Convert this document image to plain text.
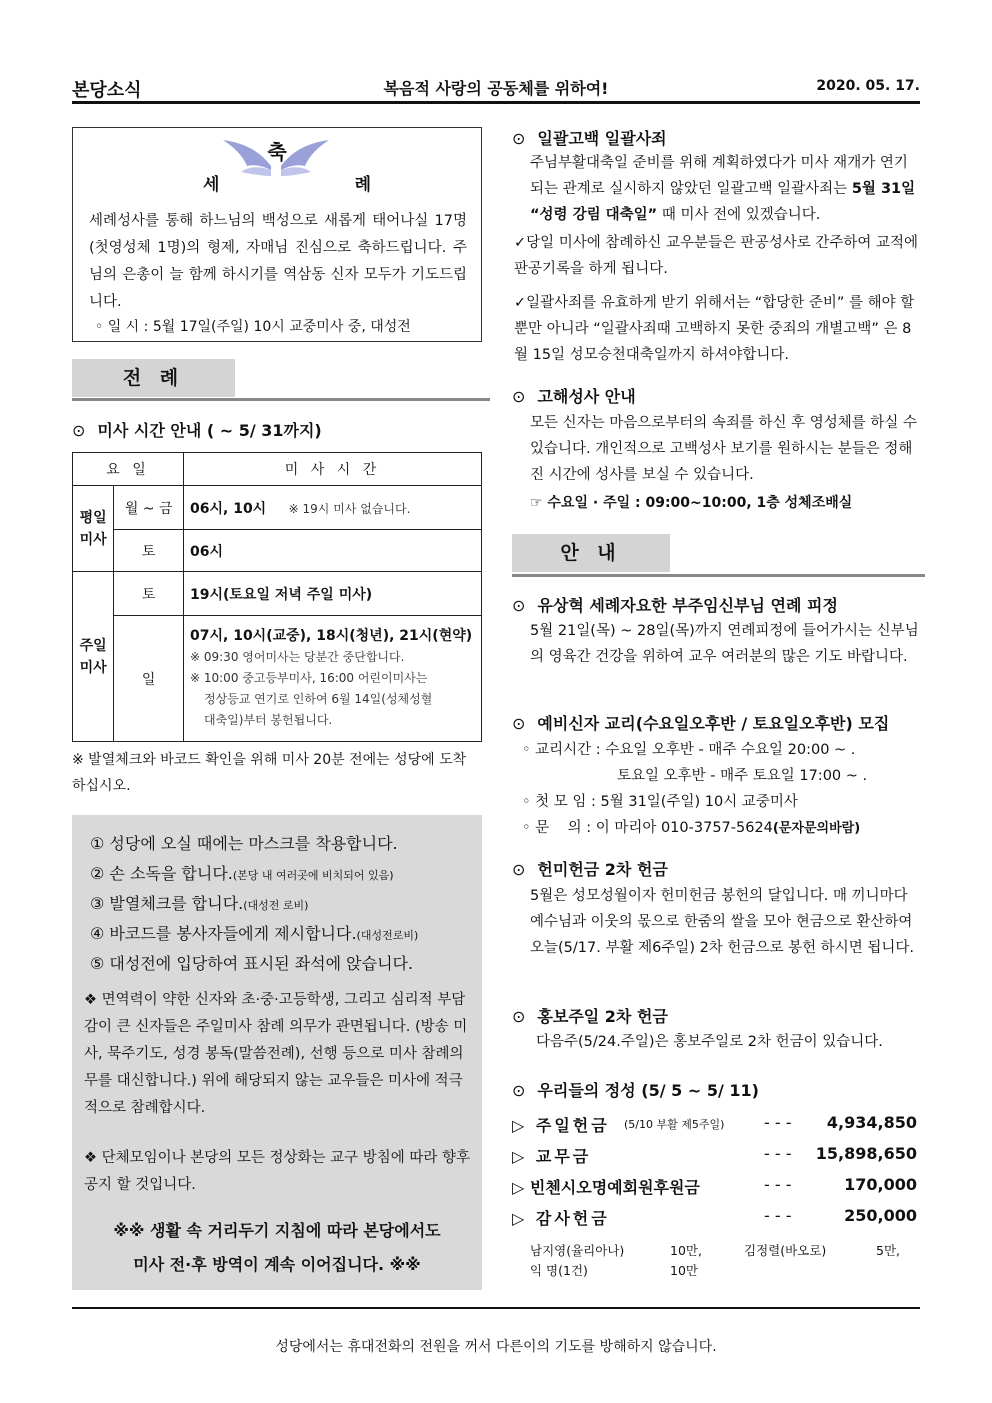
본당소식	복음적 사랑의 공동체를 위하여!	2020. 05. 17.
축
세	례
세례성사를 통해 하느님의 백성으로 새롭게 태어나실 17명(첫영성체 1명)의 형제, 자매님 진심으로 축하드립니다. 주님의 은총이 늘 함께 하시기를 역삼동 신자 모두가 기도드립니다.
◦ 일 시 : 5월 17일(주일) 10시 교중미사 중, 대성전
전 례
⊙ 미사 시간 안내 ( ~ 5/ 31까지)
요 일		미 사 시 간
평일 미사	월 ~ 금	06시, 10시 ※ 19시 미사 없습니다.
	토	06시
주일 미사	토	19시(토요일 저녁 주일 미사)
	일	07시, 10시(교중), 18시(청년), 21시(현약)
※ 09:30 영어미사는 당분간 중단합니다.
※ 10:00 중고등부미사, 16:00 어린이미사는
정상등교 연기로 인하여 6월 14일(성체성혈
대축일)부터 봉헌됩니다.
※ 발열체크와 바코드 확인을 위해 미사 20분 전에는 성당에 도착 하십시오.
① 성당에 오실 때에는 마스크를 착용합니다.
② 손 소독을 합니다.(본당 내 여러곳에 비치되어 있음)
③ 발열체크를 합니다.(대성전 로비)
④ 바코드를 봉사자들에게 제시합니다.(대성전로비)
⑤ 대성전에 입당하여 표시된 좌석에 앉습니다.
❖ 면역력이 약한 신자와 초·중·고등학생, 그리고 심리적 부담감이 큰 신자들은 주일미사 참례 의무가 관면됩니다. (방송 미사, 묵주기도, 성경 봉독(말씀전례), 선행 등으로 미사 참례의무를 대신합니다.) 위에 해당되지 않는 교우들은 미사에 적극적으로 참례합시다.
❖ 단체모임이나 본당의 모든 정상화는 교구 방침에 따라 향후 공지 할 것입니다.
※※ 생활 속 거리두기 지침에 따라 본당에서도
미사 전·후 방역이 계속 이어집니다. ※※
⊙ 일괄고백 일괄사죄
주님부활대축일 준비를 위해 계획하였다가 미사 재개가 연기되는 관계로 실시하지 않았던 일괄고백 일괄사죄는 5월 31일 “성령 강림 대축일” 때 미사 전에 있겠습니다.
✓당일 미사에 참례하신 교우분들은 판공성사로 간주하여 교적에 판공기록을 하게 됩니다.
✓일괄사죄를 유효하게 받기 위해서는 “합당한 준비” 를 해야 할 뿐만 아니라 “일괄사죄때 고백하지 못한 중죄의 개별고백” 은 8월 15일 성모승천대축일까지 하셔야합니다.
⊙ 고해성사 안내
모든 신자는 마음으로부터의 속죄를 하신 후 영성체를 하실 수 있습니다. 개인적으로 고백성사 보기를 원하시는 분들은 정해진 시간에 성사를 보실 수 있습니다.
☞ 수요일 · 주일 : 09:00~10:00, 1층 성체조배실
안 내
⊙ 유상혁 세례자요한 부주임신부님 연례 피정
5월 21일(목) ~ 28일(목)까지 연례피정에 들어가시는 신부님의 영육간 건강을 위하여 교우 여러분의 많은 기도 바랍니다.
⊙ 예비신자 교리(수요일오후반 / 토요일오후반) 모집
◦ 교리시간 : 수요일 오후반 - 매주 수요일 20:00 ~ .
토요일 오후반 - 매주 토요일 17:00 ~ .
◦ 첫 모 임 : 5월 31일(주일) 10시 교중미사
◦ 문    의 : 이 마리아 010-3757-5624(문자문의바람)
⊙ 헌미헌금 2차 헌금
5월은 성모성월이자 헌미헌금 봉헌의 달입니다. 매 끼니마다 예수님과 이웃의 몫으로 한줌의 쌀을 모아 현금으로 환산하여 오늘(5/17. 부활 제6주일) 2차 헌금으로 봉헌 하시면 됩니다.
⊙ 홍보주일 2차 헌금
다음주(5/24.주일)은 홍보주일로 2차 헌금이 있습니다.
⊙ 우리들의 정성 (5/ 5 ~ 5/ 11)
▷ 주일헌금 (5/10 부활 제5주일) - - - 4,934,850
▷ 교무금	- - - 15,898,650
▷ 빈첸시오명예회원후원금	- - -	170,000
▷ 감사헌금	- - -	250,000
남지영(율리아나)	10만,	김정렬(바오로)	5만,
익 명(1건)	10만
성당에서는 휴대전화의 전원을 꺼서 다른이의 기도를 방해하지 않습니다.
